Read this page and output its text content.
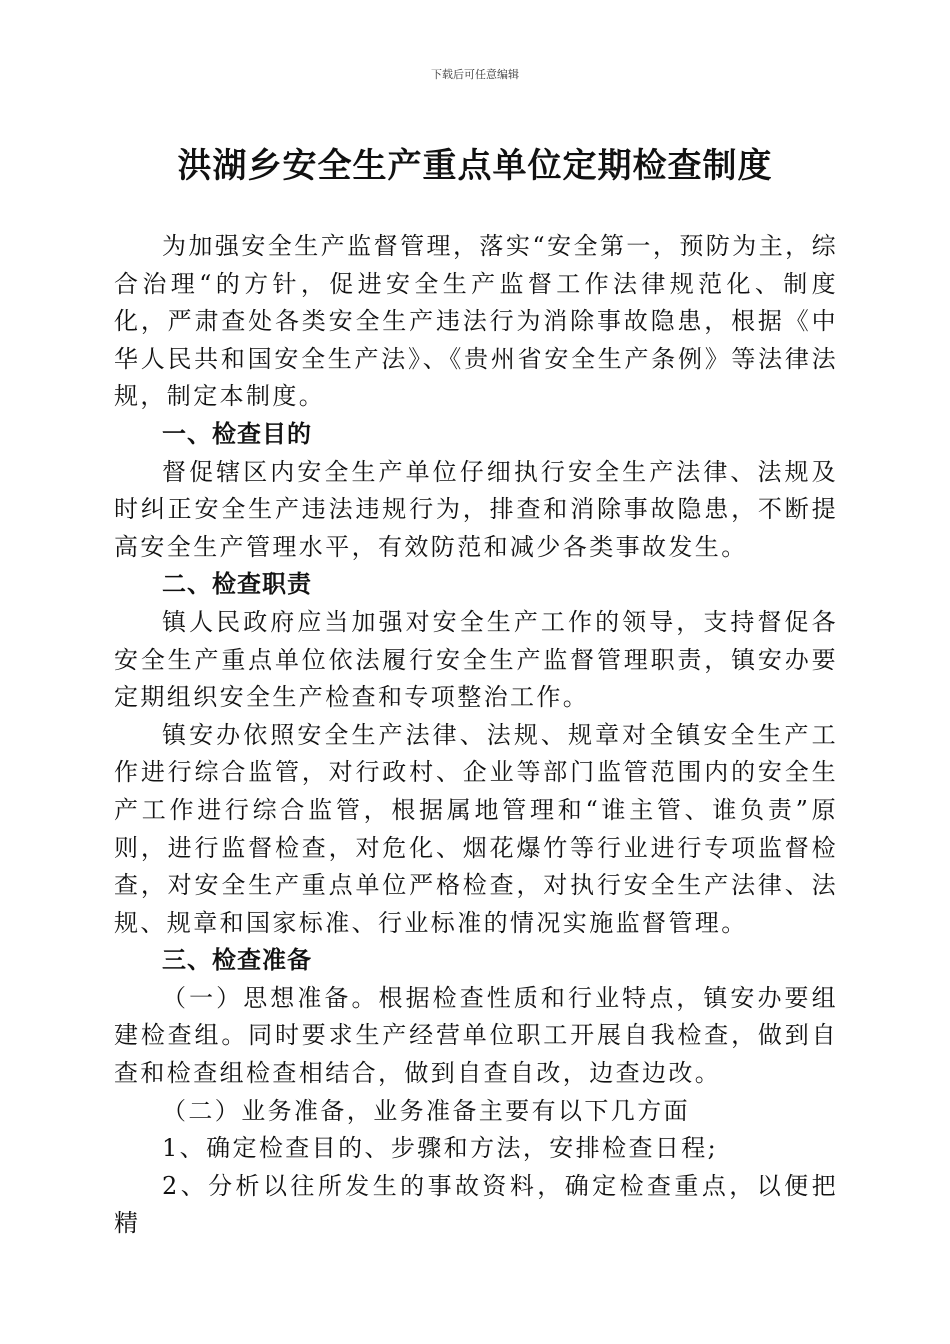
下载后可任意编辑
洪湖乡安全生产重点单位定期检查制度

为加强安全生产监督管理，落实“安全第一，预防为主，综合治理“的方针，促进安全生产监督工作法律规范化、制度化，严肃查处各类安全生产违法行为消除事故隐患，根据《中华人民共和国安全生产法》、《贵州省安全生产条例》等法律法规，制定本制度。

一、检查目的

督促辖区内安全生产单位仔细执行安全生产法律、法规及时纠正安全生产违法违规行为，排查和消除事故隐患，不断提高安全生产管理水平，有效防范和减少各类事故发生。

二、检查职责

镇人民政府应当加强对安全生产工作的领导，支持督促各安全生产重点单位依法履行安全生产监督管理职责，镇安办要定期组织安全生产检查和专项整治工作。

镇安办依照安全生产法律、法规、规章对全镇安全生产工作进行综合监管，对行政村、企业等部门监管范围内的安全生产工作进行综合监管，根据属地管理和“谁主管、谁负责”原则，进行监督检查，对危化、烟花爆竹等行业进行专项监督检查，对安全生产重点单位严格检查，对执行安全生产法律、法规、规章和国家标准、行业标准的情况实施监督管理。

三、检查准备

（一）思想准备。根据检查性质和行业特点，镇安办要组建检查组。同时要求生产经营单位职工开展自我检查，做到自查和检查组检查相结合，做到自查自改，边查边改。

（二）业务准备，业务准备主要有以下几方面

1、确定检查目的、步骤和方法，安排检查日程;

2、分析以往所发生的事故资料，确定检查重点，以便把精
